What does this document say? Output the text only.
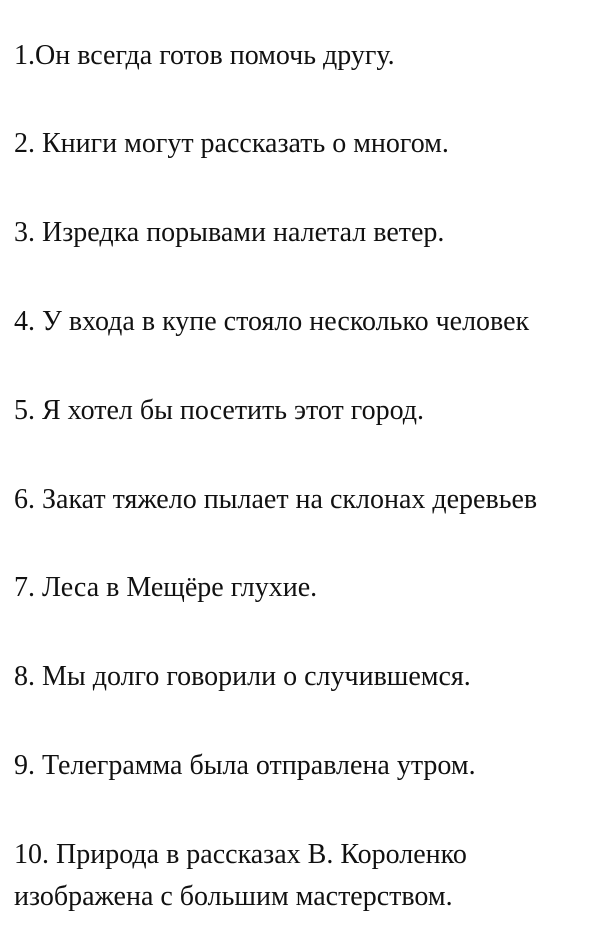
1.Он всегда готов помочь другу.
2. Книги могут рассказать о многом.
3. Изредка порывами налетал ветер.
4. У входа в купе стояло несколько человек
5. Я хотел бы посетить этот город.
6. Закат тяжело пылает на склонах деревьев
7. Леса в Мещёре глухие.
8. Мы долго говорили о случившемся.
9. Телеграмма была отправлена утром.
10. Природа в рассказах В. Короленко
изображена с большим мастерством.
